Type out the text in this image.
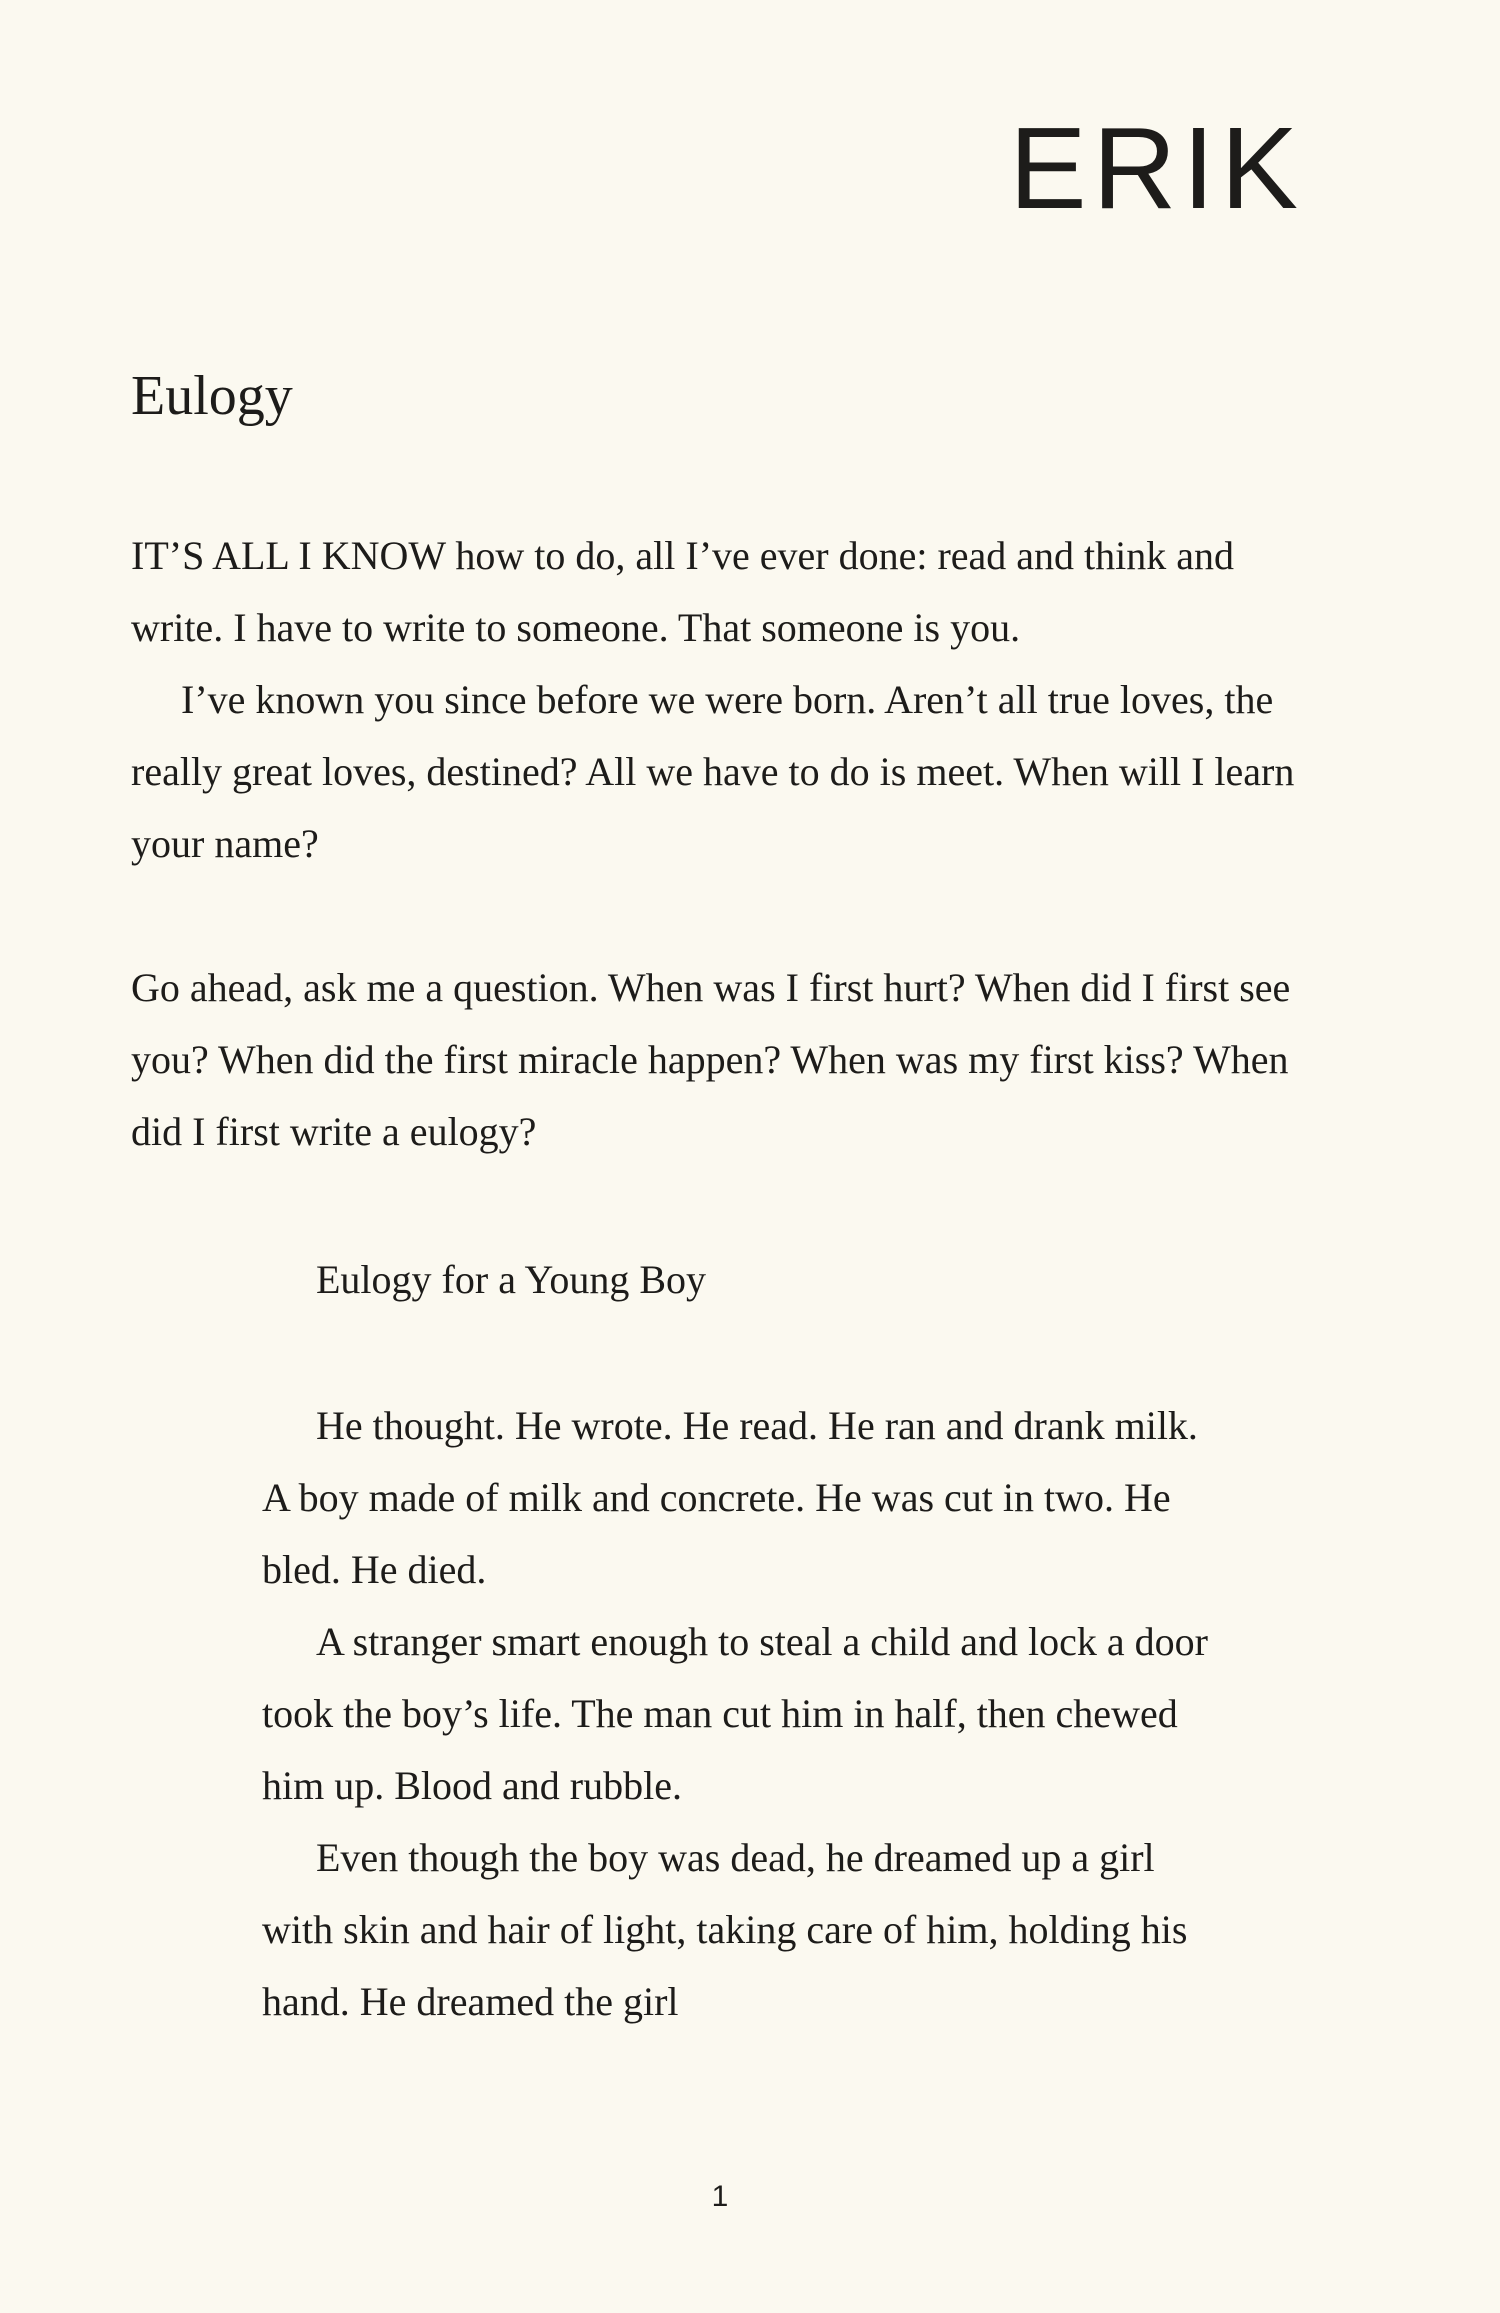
ERIK
Eulogy

IT’S ALL I KNOW how to do, all I’ve ever done: read and think and write. I have to write to someone. That someone is you.

I’ve known you since before we were born. Aren’t all true loves, the really great loves, destined? All we have to do is meet. When will I learn your name?

Go ahead, ask me a question. When was I first hurt? When did I first see you? When did the first miracle happen? When was my first kiss? When did I first write a eulogy?

Eulogy for a Young Boy

He thought. He wrote. He read. He ran and drank milk. A boy made of milk and concrete. He was cut in two. He bled. He died.

A stranger smart enough to steal a child and lock a door took the boy’s life. The man cut him in half, then chewed him up. Blood and rubble.

Even though the boy was dead, he dreamed up a girl with skin and hair of light, taking care of him, holding his hand. He dreamed the girl

1
